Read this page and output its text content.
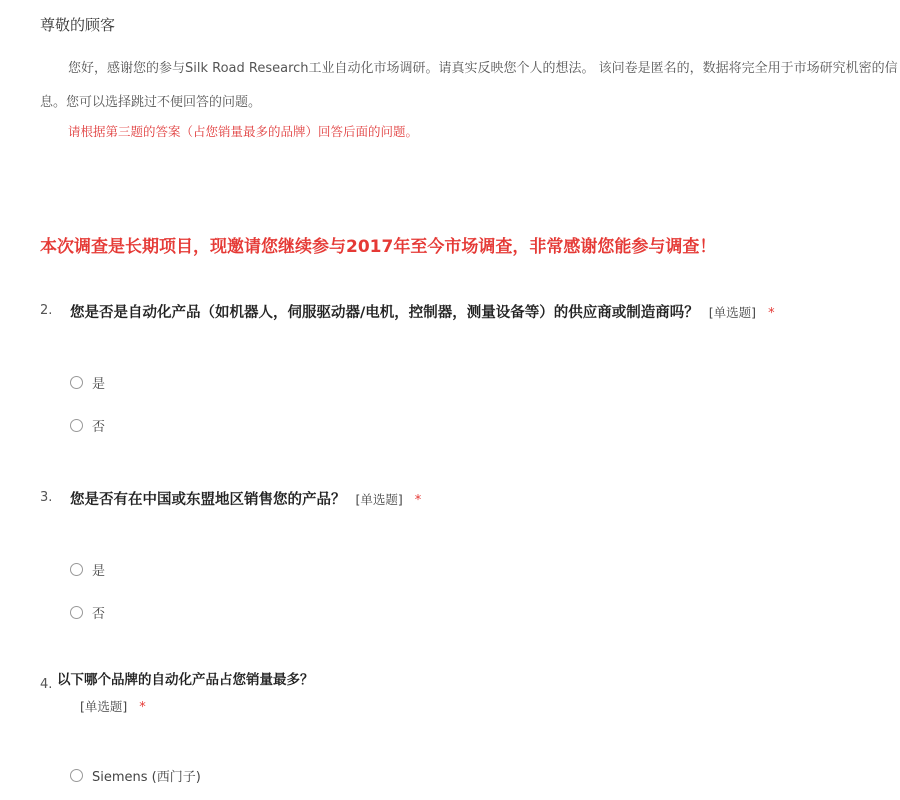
尊敬的顾客
您好，感谢您的参与Silk Road Research工业自动化市场调研。请真实反映您个人的想法。 该问卷是匿名的，数据将完全用于市场研究机密的信息。您可以选择跳过不便回答的问题。
请根据第三题的答案（占您销量最多的品牌）回答后面的问题。
本次调查是长期项目，现邀请您继续参与2017年至今市场调查，非常感谢您能参与调查！
2. 您是否是自动化产品（如机器人，伺服驱动器/电机，控制器，测量设备等）的供应商或制造商吗？ [单选题] *
是
否
3. 您是否有在中国或东盟地区销售您的产品？ [单选题] *
是
否
4. 以下哪个品牌的自动化产品占您销量最多？
[单选题] *
Siemens (西门子)
